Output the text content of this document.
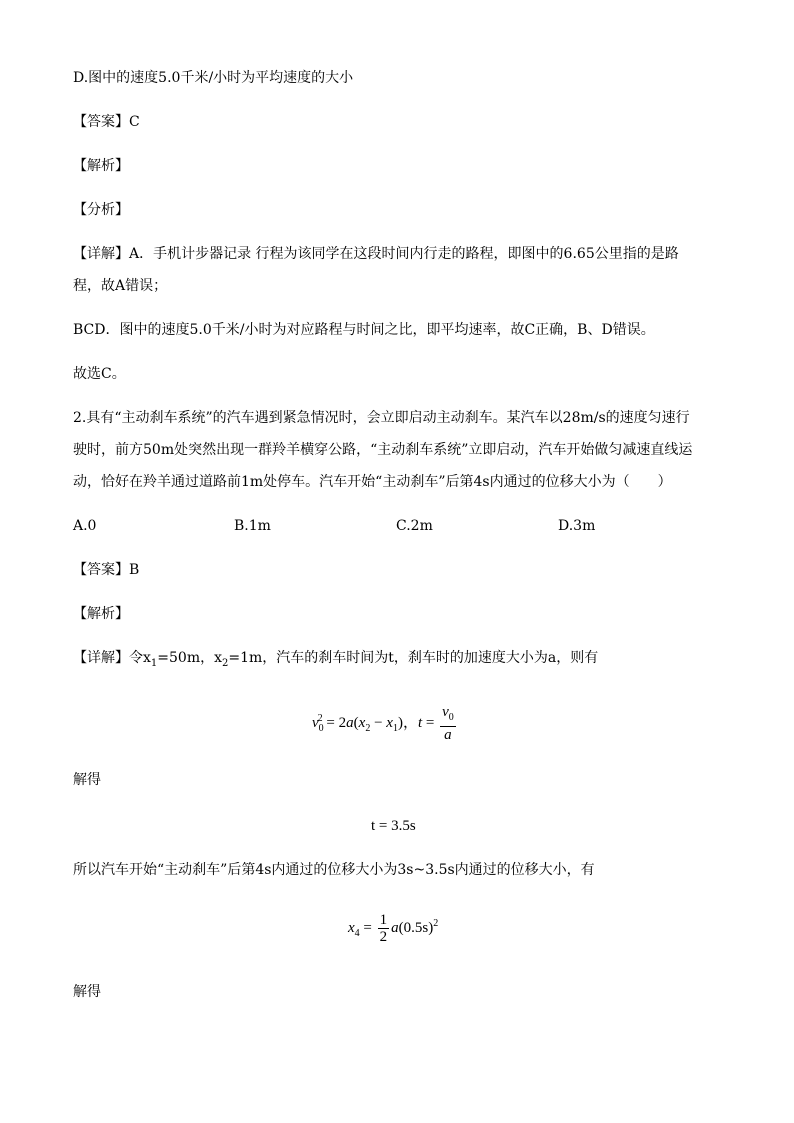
D.图中的速度5.0千米/小时为平均速度的大小
【答案】C
【解析】
【分析】
【详解】A．手机计步器记录 行程为该同学在这段时间内行走的路程，即图中的6.65公里指的是路
程，故A错误；
BCD．图中的速度5.0千米/小时为对应路程与时间之比，即平均速率，故C正确，B、D错误。
故选C。
2.具有“主动刹车系统”的汽车遇到紧急情况时，会立即启动主动刹车。某汽车以28m/s的速度匀速行
驶时，前方50m处突然出现一群羚羊横穿公路，“主动刹车系统”立即启动，汽车开始做匀减速直线运
动，恰好在羚羊通过道路前1m处停车。汽车开始“主动刹车”后第4s内通过的位移大小为（　　）
A.0	B.1m	C.2m	D.3m
【答案】B
【解析】
【详解】令$x_1=50m$，$x_2=1m$，汽车的刹车时间为t，刹车时的加速度大小为a，则有
$v_0^2 = 2a(x_2 - x_1)$，$t = \frac{v_0}{a}$
解得
t = 3.5s
所以汽车开始“主动刹车”后第4s内通过的位移大小为3s~3.5s内通过的位移大小，有
$x_4 = \frac{1}{2} a(0.5s)^2$
解得
